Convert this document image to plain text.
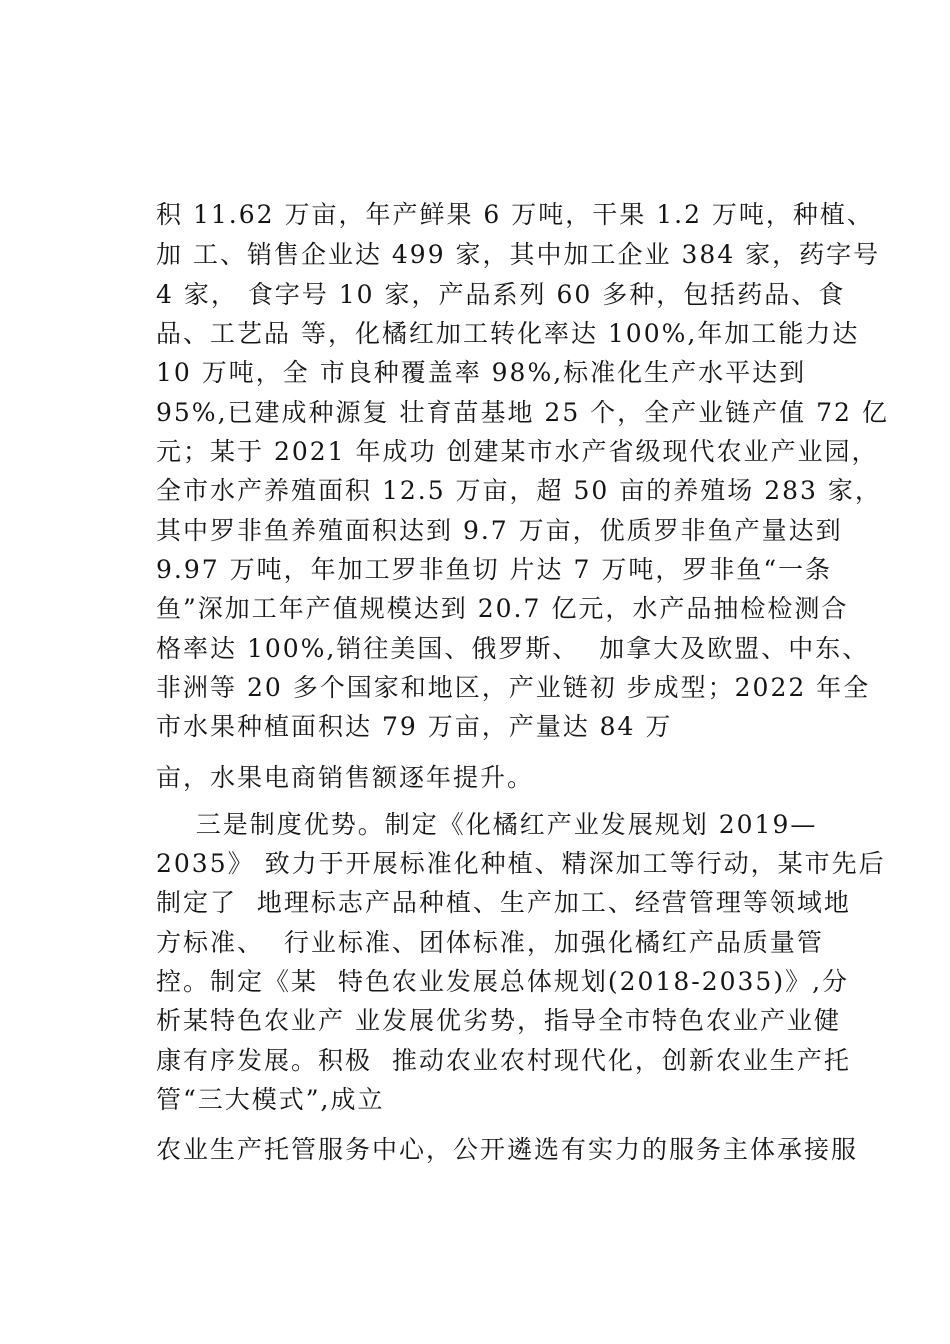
积 11.62 万亩，年产鲜果 6 万吨，干果 1.2 万吨，种植、

加 工、销售企业达 499 家，其中加工企业 384 家，药字号

4 家， 食字号 10 家，产品系列 60 多种，包括药品、食

品、工艺品 等，化橘红加工转化率达 100%,年加工能力达

10 万吨，全 市良种覆盖率 98%,标准化生产水平达到

95%,已建成种源复 壮育苗基地 25 个，全产业链产值 72 亿

元；某于 2021 年成功 创建某市水产省级现代农业产业园，

全市水产养殖面积 12.5 万亩，超 50 亩的养殖场 283 家，

其中罗非鱼养殖面积达到 9.7 万亩，优质罗非鱼产量达到

9.97 万吨，年加工罗非鱼切 片达 7 万吨，罗非鱼“一条

鱼”深加工年产值规模达到 20.7 亿元，水产品抽检检测合

格率达 100%,销往美国、俄罗斯、  加拿大及欧盟、中东、

非洲等 20 多个国家和地区，产业链初 步成型；2022 年全

市水果种植面积达 79 万亩，产量达 84 万

亩，水果电商销售额逐年提升。

三是制度优势。制定《化橘红产业发展规划 2019—

2035》 致力于开展标准化种植、精深加工等行动，某市先后

制定了  地理标志产品种植、生产加工、经营管理等领域地

方标准、  行业标准、团体标准，加强化橘红产品质量管

控。制定《某  特色农业发展总体规划(2018-2035)》,分

析某特色农业产 业发展优劣势，指导全市特色农业产业健

康有序发展。积极  推动农业农村现代化，创新农业生产托

管“三大模式”,成立

农业生产托管服务中心，公开遴选有实力的服务主体承接服
